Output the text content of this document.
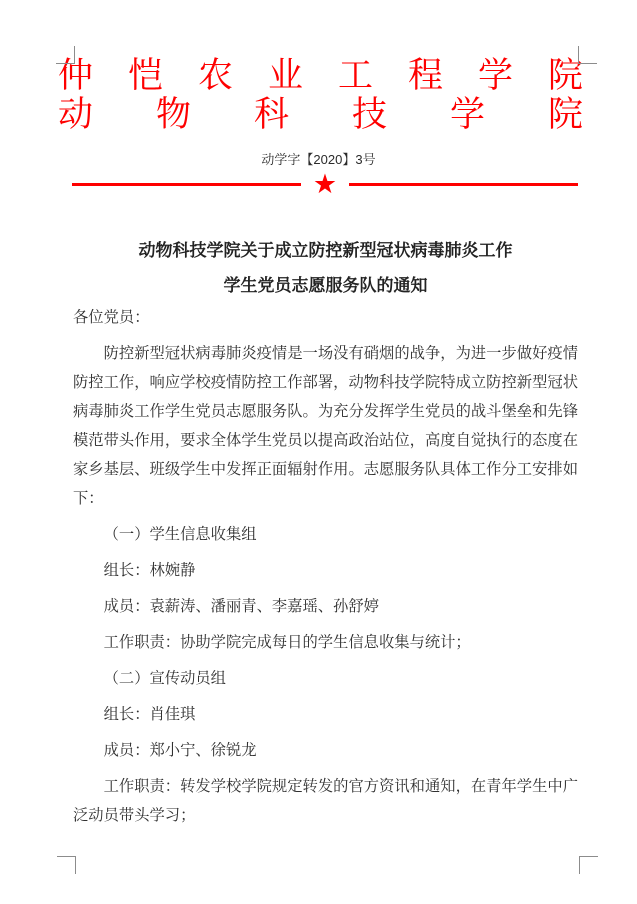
仲恺农业工程学院
动物科技学院
动学字【2020】3号
★
动物科技学院关于成立防控新型冠状病毒肺炎工作
学生党员志愿服务队的通知

各位党员：

防控新型冠状病毒肺炎疫情是一场没有硝烟的战争，为进一步做好疫情防控工作，响应学校疫情防控工作部署，动物科技学院特成立防控新型冠状病毒肺炎工作学生党员志愿服务队。为充分发挥学生党员的战斗堡垒和先锋模范带头作用，要求全体学生党员以提高政治站位，高度自觉执行的态度在家乡基层、班级学生中发挥正面辐射作用。志愿服务队具体工作分工安排如下：

（一）学生信息收集组

组长：林婉静

成员：袁薪涛、潘丽青、李嘉瑶、孙舒婷

工作职责：协助学院完成每日的学生信息收集与统计；

（二）宣传动员组

组长：肖佳琪

成员：郑小宁、徐锐龙

工作职责：转发学校学院规定转发的官方资讯和通知，在青年学生中广泛动员带头学习；
